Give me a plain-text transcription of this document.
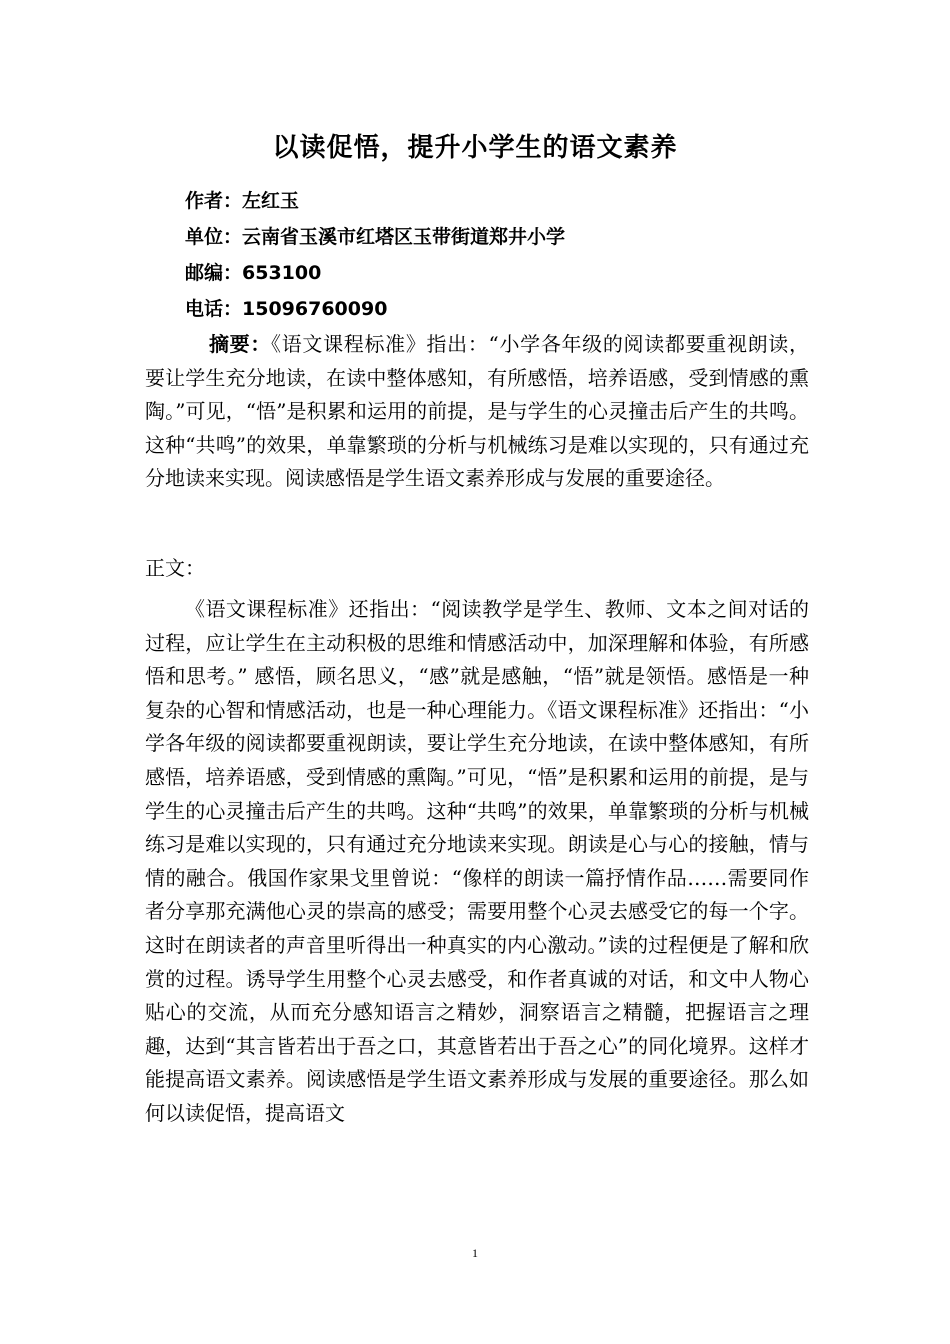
以读促悟，提升小学生的语文素养
作者：左红玉
单位：云南省玉溪市红塔区玉带街道郑井小学
邮编：653100
电话：15096760090
摘要：《语文课程标准》指出：“小学各年级的阅读都要重视朗读，要让学生充分地读，在读中整体感知，有所感悟，培养语感，受到情感的熏陶。”可见，“悟”是积累和运用的前提，是与学生的心灵撞击后产生的共鸣。这种“共鸣”的效果，单靠繁琐的分析与机械练习是难以实现的，只有通过充分地读来实现。阅读感悟是学生语文素养形成与发展的重要途径。
正文：
《语文课程标准》还指出：“阅读教学是学生、教师、文本之间对话的过程，应让学生在主动积极的思维和情感活动中，加深理解和体验，有所感悟和思考。” 感悟，顾名思义，“感”就是感触，“悟”就是领悟。感悟是一种复杂的心智和情感活动，也是一种心理能力。《语文课程标准》还指出：“小学各年级的阅读都要重视朗读，要让学生充分地读，在读中整体感知，有所感悟，培养语感，受到情感的熏陶。”可见，“悟”是积累和运用的前提，是与学生的心灵撞击后产生的共鸣。这种“共鸣”的效果，单靠繁琐的分析与机械练习是难以实现的，只有通过充分地读来实现。朗读是心与心的接触，情与情的融合。俄国作家果戈里曾说：“像样的朗读一篇抒情作品……需要同作者分享那充满他心灵的崇高的感受；需要用整个心灵去感受它的每一个字。这时在朗读者的声音里听得出一种真实的内心激动。”读的过程便是了解和欣赏的过程。诱导学生用整个心灵去感受，和作者真诚的对话，和文中人物心贴心的交流，从而充分感知语言之精妙，洞察语言之精髓，把握语言之理趣，达到“其言皆若出于吾之口，其意皆若出于吾之心”的同化境界。这样才能提高语文素养。阅读感悟是学生语文素养形成与发展的重要途径。那么如何以读促悟，提高语文
1
